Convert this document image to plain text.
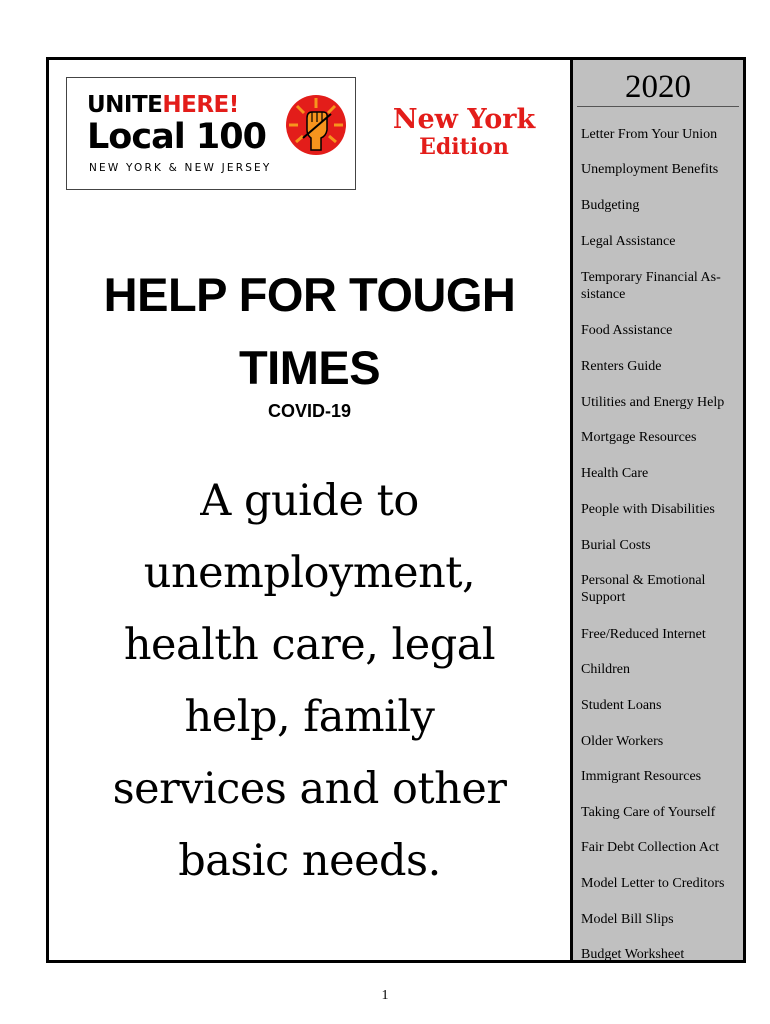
UNITEHERE!
Local 100
NEW YORK & NEW JERSEY
New York
Edition
HELP FOR TOUGH
TIMES
COVID-19
A guide to
unemployment,
health care, legal
help, family
services and other
basic needs.
2020
Letter From Your Union
Unemployment Benefits
Budgeting
Legal Assistance
Temporary Financial As-
sistance
Food Assistance
Renters Guide
Utilities and Energy Help
Mortgage Resources
Health Care
People with Disabilities
Burial Costs
Personal & Emotional
Support
Free/Reduced Internet
Children
Student Loans
Older Workers
Immigrant Resources
Taking Care of Yourself
Fair Debt Collection Act
Model Letter to Creditors
Model Bill Slips
Budget Worksheet
1
